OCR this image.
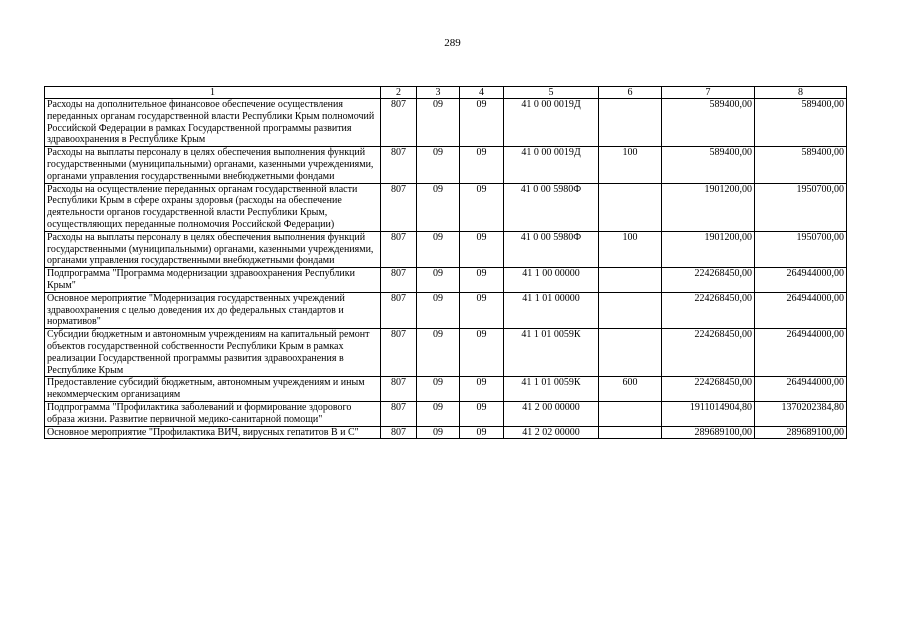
289
1	2	3	4	5	6	7	8
Расходы на дополнительное финансовое обеспечение осуществления переданных органам государственной власти Республики Крым полномочий Российской Федерации в рамках Государственной программы развития здравоохранения в Республике Крым	807	09	09	41 0 00 0019Д		589400,00	589400,00
Расходы на выплаты персоналу в целях обеспечения выполнения функций государственными (муниципальными) органами, казенными учреждениями, органами управления государственными внебюджетными фондами	807	09	09	41 0 00 0019Д	100	589400,00	589400,00
Расходы на осуществление переданных органам государственной власти Республики Крым в сфере охраны здоровья (расходы на обеспечение деятельности органов государственной власти Республики Крым, осуществляющих переданные полномочия Российской Федерации)	807	09	09	41 0 00 5980Ф		1901200,00	1950700,00
Расходы на выплаты персоналу в целях обеспечения выполнения функций государственными (муниципальными) органами, казенными учреждениями, органами управления государственными внебюджетными фондами	807	09	09	41 0 00 5980Ф	100	1901200,00	1950700,00
Подпрограмма "Программа модернизации здравоохранения Республики Крым"	807	09	09	41 1 00 00000		224268450,00	264944000,00
Основное мероприятие "Модернизация государственных учреждений здравоохранения с целью доведения их до федеральных стандартов и нормативов"	807	09	09	41 1 01 00000		224268450,00	264944000,00
Субсидии бюджетным и автономным учреждениям на капитальный ремонт объектов государственной собственности Республики Крым в рамках реализации Государственной программы развития здравоохранения в Республике Крым	807	09	09	41 1 01 0059К		224268450,00	264944000,00
Предоставление субсидий бюджетным, автономным учреждениям и иным некоммерческим организациям	807	09	09	41 1 01 0059К	600	224268450,00	264944000,00
Подпрограмма "Профилактика заболеваний и формирование здорового образа жизни. Развитие первичной медико-санитарной помощи"	807	09	09	41 2 00 00000		1911014904,80	1370202384,80
Основное мероприятие "Профилактика ВИЧ, вирусных гепатитов В и С"	807	09	09	41 2 02 00000		289689100,00	289689100,00
